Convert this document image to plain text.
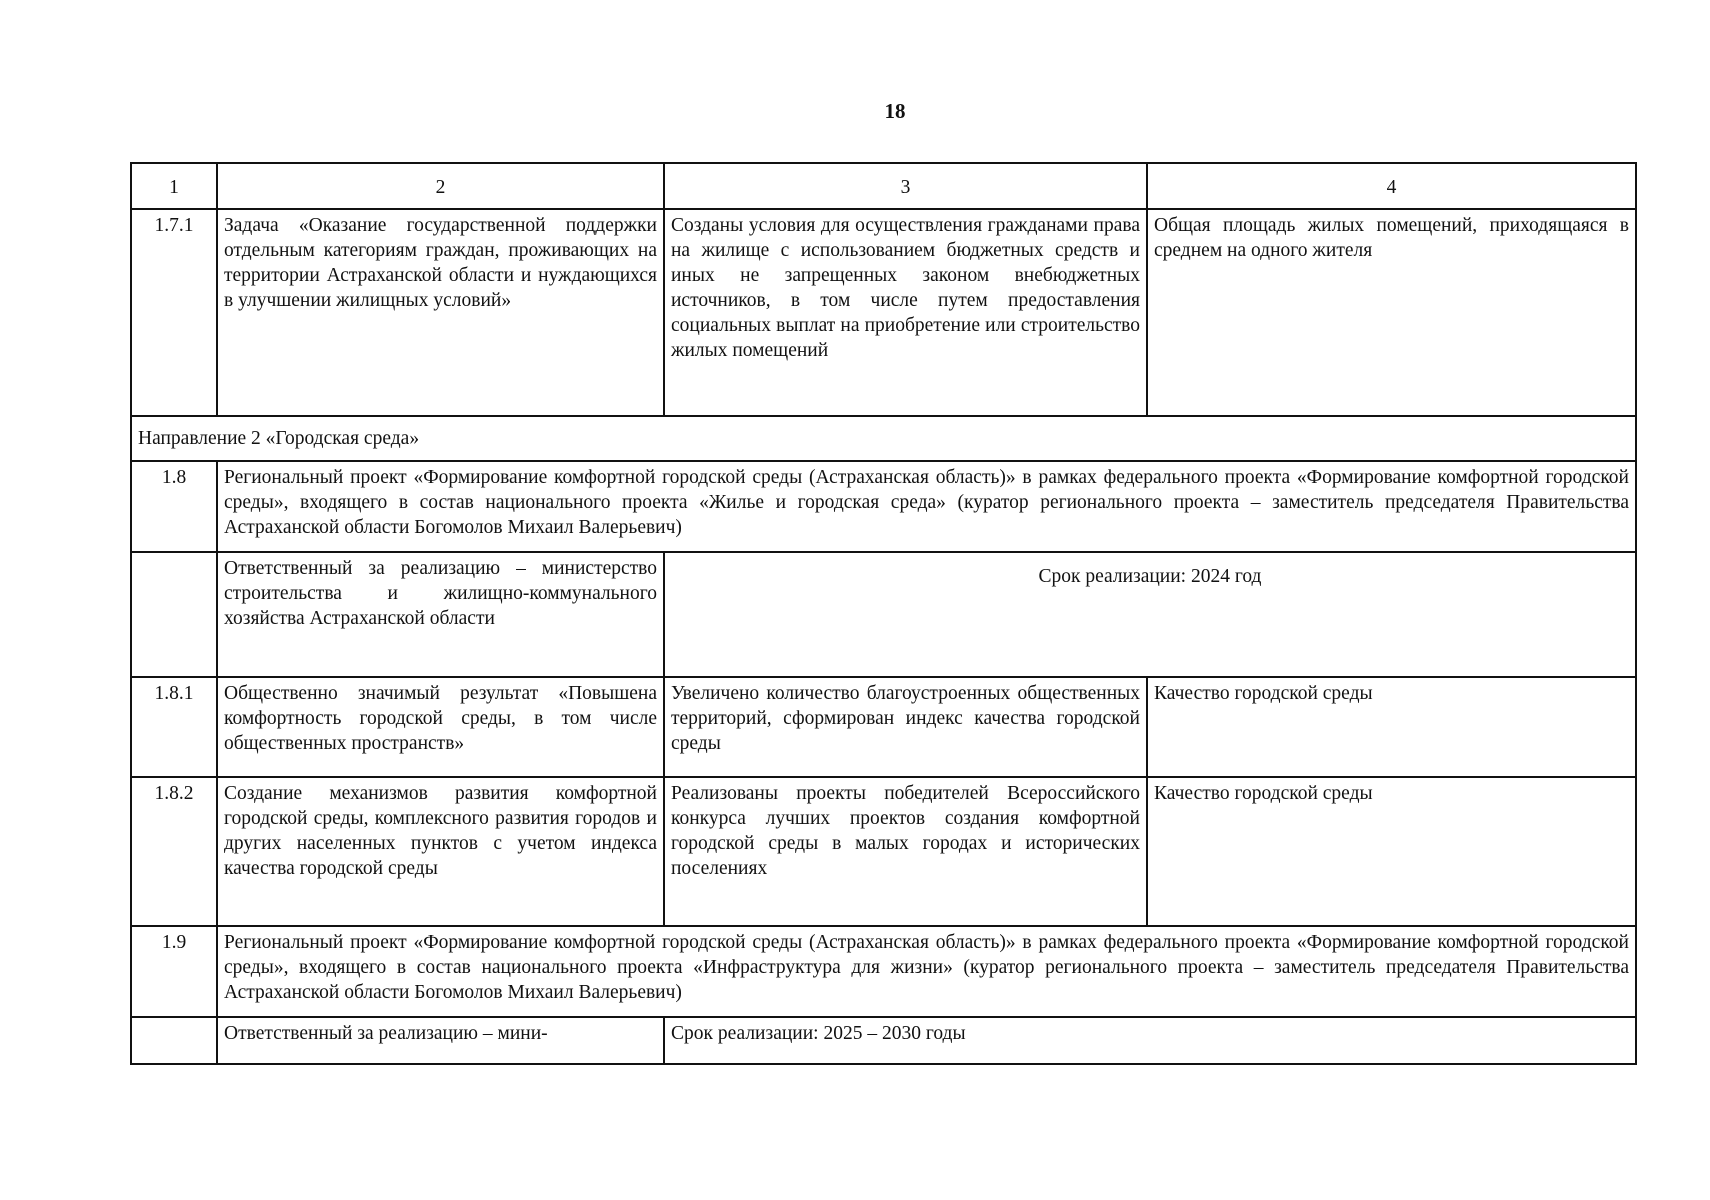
18
1	2	3	4
1.7.1	Задача «Оказание государственной поддержки отдельным категориям граждан, проживающих на территории Астраханской области и нуждающихся в улучшении жилищных условий»	Созданы условия для осуществления гражданами права на жилище с использованием бюджетных средств и иных не запрещенных законом внебюджетных источников, в том числе путем предоставления социальных выплат на приобретение или строительство жилых помещений	Общая площадь жилых помещений, приходящаяся в среднем на одного жителя
Направление 2 «Городская среда»			
1.8	Региональный проект «Формирование комфортной городской среды (Астраханская область)» в рамках федерального проекта «Формирование комфортной городской среды», входящего в состав национального проекта «Жилье и городская среда» (куратор регионального проекта – заместитель председателя Правительства Астраханской области Богомолов Михаил Валерьевич)		
	Ответственный за реализацию – министерство строительства и жилищно-коммунального хозяйства Астраханской области	Срок реализации: 2024 год	

1.8.1	Общественно значимый результат «Повышена комфортность городской среды, в том числе общественных пространств»	Увеличено количество благоустроенных общественных территорий, сформирован индекс качества городской среды	Качество городской среды
1.8.2	Создание механизмов развития комфортной городской среды, комплексного развития городов и других населенных пунктов с учетом индекса качества городской среды	Реализованы проекты победителей Всероссийского конкурса лучших проектов создания комфортной городской среды в малых городах и исторических поселениях	Качество городской среды
1.9	Региональный проект «Формирование комфортной городской среды (Астраханская область)» в рамках федерального проекта «Формирование комфортной городской среды», входящего в состав национального проекта «Инфраструктура для жизни» (куратор регионального проекта – заместитель председателя Правительства Астраханской области Богомолов Михаил Валерьевич)		
	Ответственный за реализацию – мини-	Срок реализации: 2025 – 2030 годы	
